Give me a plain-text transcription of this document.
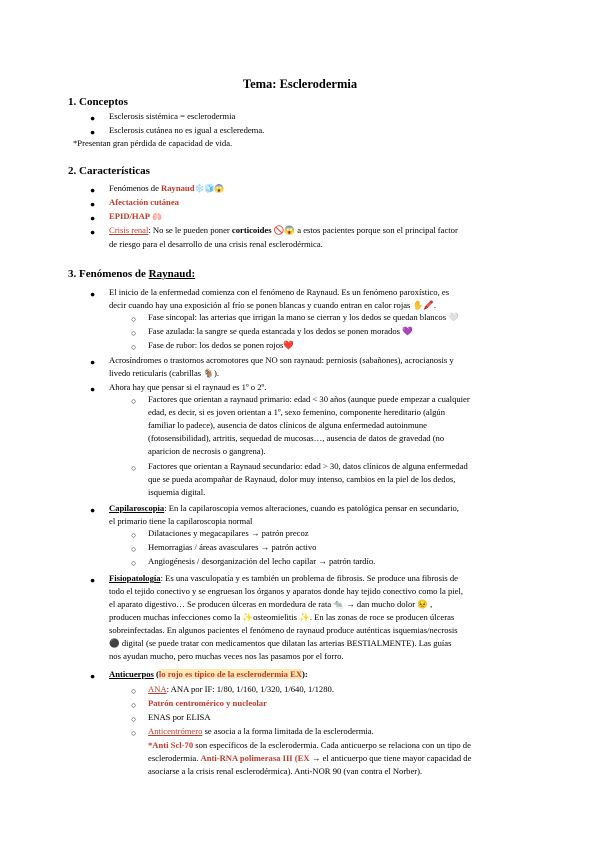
Tema: Esclerodermia
1. Conceptos
● Esclerosis sistémica = esclerodermia
● Esclerosis cutánea no es igual a escleredema.
*Presentan gran pérdida de capacidad de vida.
2. Características
● Fenómenos de Raynaud❄️🧊😱
● Afectación cutánea
● EPID/HAP 🫁
● Crisis renal: No se le pueden poner corticoides 🚫😱 a estos pacientes porque son el principal factor
de riesgo para el desarrollo de una crisis renal esclerodérmica.
3. Fenómenos de Raynaud:
● El inicio de la enfermedad comienza con el fenómeno de Raynaud. Es un fenómeno paroxístico, es
decir cuando hay una exposición al frío se ponen blancas y cuando entran en calor rojas ✋🖍️.
○ Fase sincopal: las arterias que irrigan la mano se cierran y los dedos se quedan blancos 🤍
○ Fase azulada: la sangre se queda estancada y los dedos se ponen morados 💜
○ Fase de rubor: los dedos se ponen rojos❤️
● Acrosíndromes o trastornos acromotores que NO son raynaud: perniosis (sabañones), acrocianosis y
livedo reticularis (cabrillas 🐐).
● Ahora hay que pensar si el raynaud es 1º o 2º.
○ Factores que orientan a raynaud primario: edad < 30 años (aunque puede empezar a cualquier
edad, es decir, si es joven orientan a 1º, sexo femenino, componente hereditario (algún
familiar lo padece), ausencia de datos clínicos de alguna enfermedad autoinmune
(fotosensibilidad), artritis, sequedad de mucosas…, ausencia de datos de gravedad (no
aparicion de necrosis o gangrena).
○ Factores que orientan a Raynaud secundario: edad > 30, datos clínicos de alguna enfermedad
que se pueda acompañar de Raynaud, dolor muy intenso, cambios en la piel de los dedos,
isquemia digital.
● Capilaroscopia: En la capilaroscopia vemos alteraciones, cuando es patológica pensar en secundario,
el primario tiene la capilaroscopia normal
○ Dilataciones y megacapilares → patrón precoz
○ Hemorragias / áreas avasculares → patrón activo
○ Angiogénesis / desorganización del lecho capilar → patrón tardío.
● Fisiopatología: Es una vasculopatía y es también un problema de fibrosis. Se produce una fibrosis de
todo el tejido conectivo y se engruesan los órganos y aparatos donde hay tejido conectivo como la piel,
el aparato digestivo… Se producen úlceras en mordedura de rata 🐀 → dan mucho dolor 😣 ,
producen muchas infecciones como la ✨osteomielitis ✨. En las zonas de roce se producen úlceras
sobreinfectadas. En algunos pacientes el fenómeno de raynaud produce auténticas isquemias/necrosis
⚫ digital (se puede tratar con medicamentos que dilatan las arterias BESTIALMENTE). Las guías
nos ayudan mucho, pero muchas veces nos las pasamos por el forro.
● Anticuerpos (lo rojo es típico de la esclerodermia EX):
○ ANA: ANA por IF: 1/80, 1/160, 1/320, 1/640, 1/1280.
○ Patrón centromérico y nucleolar
○ ENAS por ELISA
○ Anticentrómero se asocia a la forma limitada de la esclerodermia.
*Anti Scl-70 son específicos de la esclerodermia. Cada anticuerpo se relaciona con un tipo de
esclerodermia. Anti-RNA polimerasa III (EX → el anticuerpo que tiene mayor capacidad de
asociarse a la crisis renal esclerodérmica). Anti-NOR 90 (van contra el Norber).
